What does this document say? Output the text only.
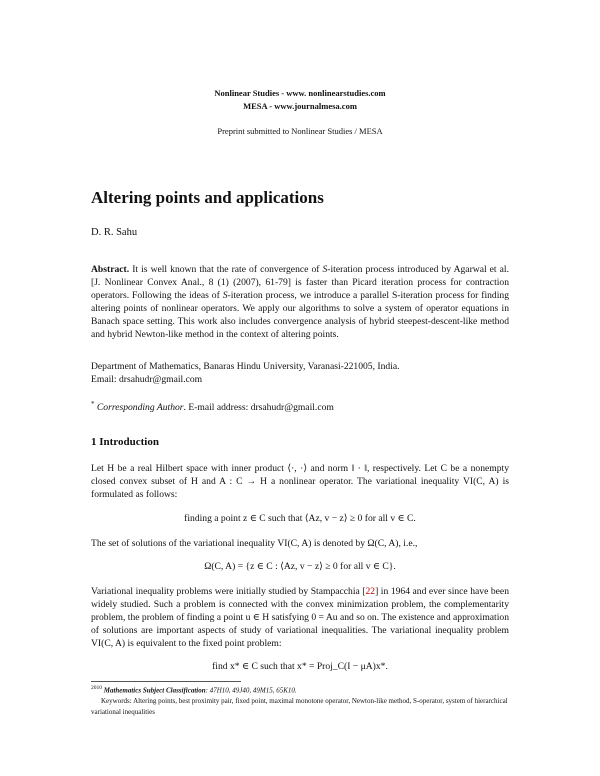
Nonlinear Studies - www. nonlinearstudies.com
MESA - www.journalmesa.com
Preprint submitted to Nonlinear Studies / MESA
Altering points and applications
D. R. Sahu
Abstract. It is well known that the rate of convergence of S-iteration process introduced by Agarwal et al. [J. Nonlinear Convex Anal., 8 (1) (2007), 61-79] is faster than Picard iteration process for contraction operators. Following the ideas of S-iteration process, we introduce a parallel S-iteration process for finding altering points of nonlinear operators. We apply our algorithms to solve a system of operator equations in Banach space setting. This work also includes convergence analysis of hybrid steepest-descent-like method and hybrid Newton-like method in the context of altering points.
Department of Mathematics, Banaras Hindu University, Varanasi-221005, India.
Email: drsahudr@gmail.com
* Corresponding Author. E-mail address: drsahudr@gmail.com
1 Introduction
Let H be a real Hilbert space with inner product ⟨·, ·⟩ and norm ‖ · ‖, respectively. Let C be a nonempty closed convex subset of H and A : C → H a nonlinear operator. The variational inequality VI(C, A) is formulated as follows:
finding a point z ∈ C such that ⟨Az, v − z⟩ ≥ 0 for all v ∈ C.
The set of solutions of the variational inequality VI(C, A) is denoted by Ω(C, A), i.e.,
Ω(C, A) = {z ∈ C : ⟨Az, v − z⟩ ≥ 0 for all v ∈ C}.
Variational inequality problems were initially studied by Stampacchia [22] in 1964 and ever since have been widely studied. Such a problem is connected with the convex minimization problem, the complementarity problem, the problem of finding a point u ∈ H satisfying 0 = Au and so on. The existence and approximation of solutions are important aspects of study of variational inequalities. The variational inequality problem VI(C, A) is equivalent to the fixed point problem:
find x* ∈ C such that x* = Proj_C(I − μA)x*.
$^{2010}$ Mathematics Subject Classification: 47H10, 49J40, 49M15, 65K10.
Keywords: Altering points, best proximity pair, fixed point, maximal monotone operator, Newton-like method, S-operator, system of hierarchical variational inequalities
